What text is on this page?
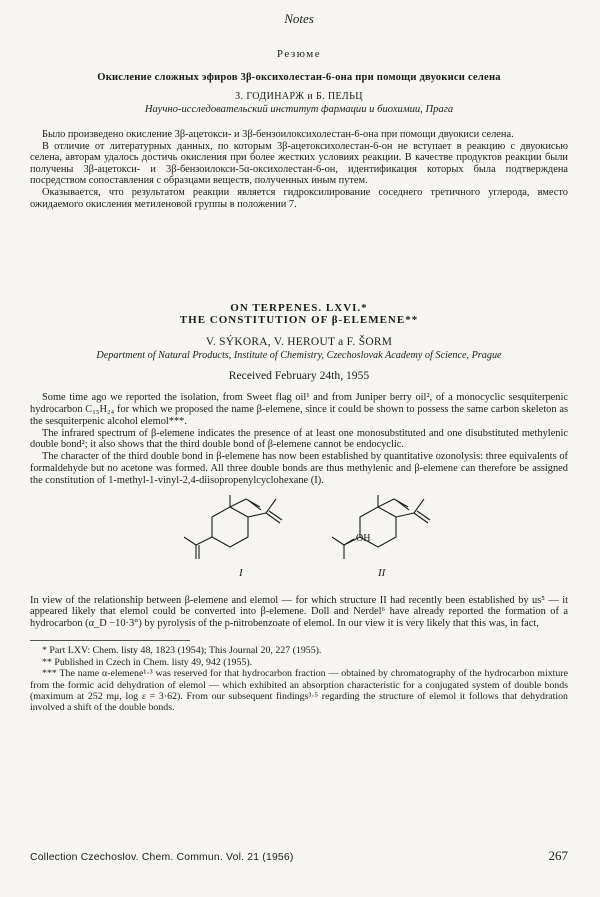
Notes
Резюме
Окисление сложных эфиров 3β-оксихолестан-6-она при помощи двуокиси селена
З. ГОДИНАРЖ и Б. ПЕЛЬЦ
Научно-исследовательский институт фармации и биохимии, Прага

Было произведено окисление 3β-ацетокси- и 3β-бензоилоксихолестан-6-она при помощи двуокиси селена.

В отличие от литературных данных, по которым 3β-ацетоксихолестан-6-он не вступает в реакцию с двуокисью селена, авторам удалось достичь окисления при более жестких условиях реакции. В качестве продуктов реакции были получены 3β-ацетокси- и 3β-бензоилокси-5α-оксихолестан-6-он, идентификация которых была подтверждена посредством сопоставления с образцами веществ, полученных иным путем.

Оказывается, что результатом реакции является гидроксилирование соседнего третичного углерода, вместо ожидаемого окисления метиленовой группы в положении 7.

ON TERPENES. LXVI.*
THE CONSTITUTION OF β-ELEMENE**
V. SÝKORA, V. HEROUT a F. ŠORM
Department of Natural Products, Institute of Chemistry, Czechoslovak Academy of Science, Prague
Received February 24th, 1955

Some time ago we reported the isolation, from Sweet flag oil¹ and from Juniper berry oil², of a monocyclic sesquiterpenic hydrocarbon C₁₅H₂₄ for which we proposed the name β-elemene, since it could be shown to possess the same carbon skeleton as the sesquiterpenic alcohol elemol***.

The infrared spectrum of β-elemene indicates the presence of at least one monosubstituted and one disubstituted methylenic double bond²; it also shows that the third double bond of β-elemene cannot be endocyclic.

The character of the third double bond in β-elemene has now been established by quantitative ozonolysis: three equivalents of formaldehyde but no acetone was formed. All three double bonds are thus methylenic and β-elemene can therefore be assigned the constitution of 1-methyl-1-vinyl-2,4-diisopropenylcyclohexane (I).

OH
I	II

In view of the relationship between β-elemene and elemol — for which structure II had recently been established by us⁵ — it appeared likely that elemol could be converted into β-elemene. Doll and Nerdel⁶ have already reported the formation of a hydrocarbon (α_D −10·3°) by pyrolysis of the p-nitrobenzoate of elemol. In our view it is very likely that this was, in fact,

* Part LXV: Chem. listy 48, 1823 (1954); This Journal 20, 227 (1955).

** Published in Czech in Chem. listy 49, 942 (1955).

*** The name α-elemene¹·³ was reserved for that hydrocarbon fraction — obtained by chromatography of the hydrocarbon mixture from the formic acid dehydration of elemol — which exhibited an absorption characteristic for a conjugated system of double bonds (maximum at 252 mμ, log ε = 3·62). From our subsequent findings³·⁵ regarding the structure of elemol it follows that dehydration involved a shift of the double bonds.

Collection Czechoslov. Chem. Commun. Vol. 21 (1956)	267
